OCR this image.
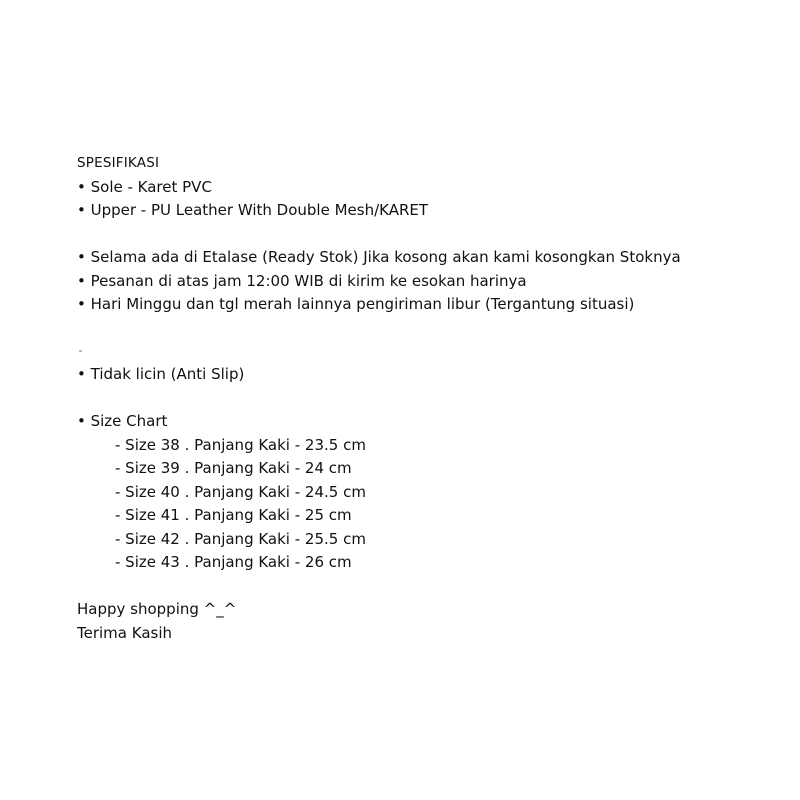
SPESIFIKASI
• Sole - Karet PVC
• Upper - PU Leather With Double Mesh/KARET
• Selama ada di Etalase (Ready Stok) Jika kosong akan kami kosongkan Stoknya
• Pesanan di atas jam 12:00 WIB di kirim ke esokan harinya
• Hari Minggu dan tgl merah lainnya pengiriman libur (Tergantung situasi)
• Tidak licin (Anti Slip)
• Size Chart
- Size 38 . Panjang Kaki - 23.5 cm
- Size 39 . Panjang Kaki - 24 cm
- Size 40 . Panjang Kaki - 24.5 cm
- Size 41 . Panjang Kaki - 25 cm
- Size 42 . Panjang Kaki - 25.5 cm
- Size 43 . Panjang Kaki - 26 cm
Happy shopping ^_^
Terima Kasih
